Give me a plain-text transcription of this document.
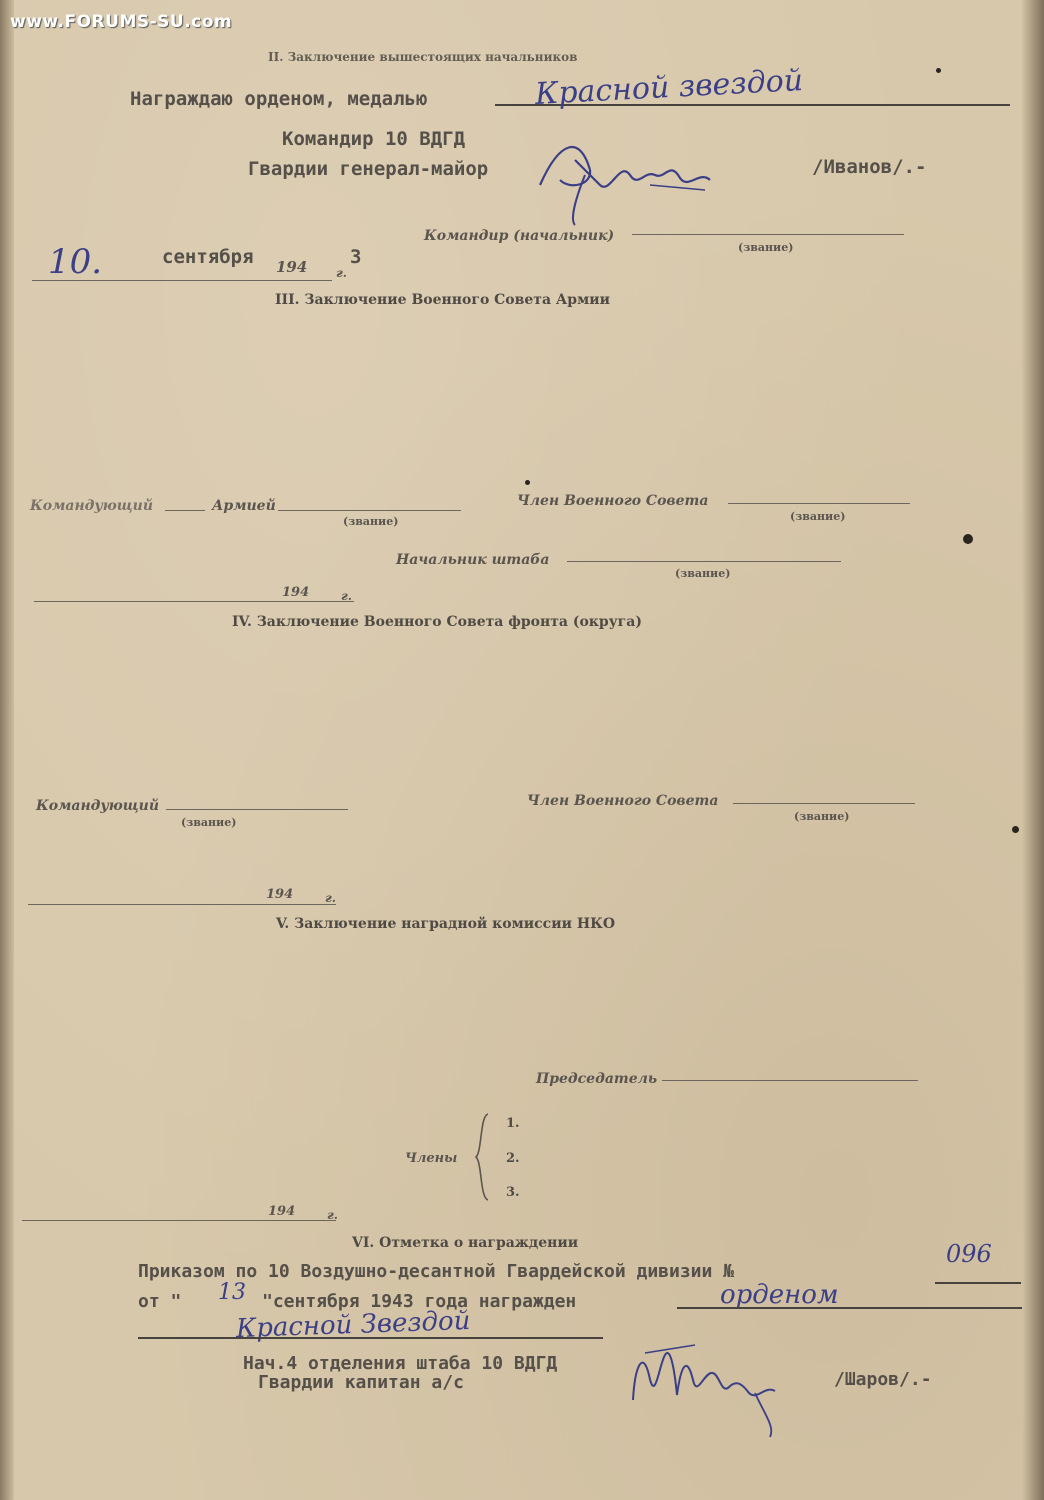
www.FORUMS-SU.com
II. Заключение вышестоящих начальников
Награждаю орденом, медалью	Красной звездой
Командир 10 ВДГД
Гвардии генерал-майор	/Иванов/.-
Командир (начальник)
(звание)
10.	сентября 194 3
г.
III. Заключение Военного Совета Армии
Командующий	Армией
(звание)
Член Военного Совета
(звание)
Начальник штаба
(звание)
194	г.
IV. Заключение Военного Совета фронта (округа)
Командующий
(звание)
Член Военного Совета
(звание)
194	г.
V. Заключение наградной комиссии НКО
Председатель
Члены
1.
2.
3.
194	г.
VI. Отметка о награждении
Приказом по 10 Воздушно-десантной Гвардейской дивизии №
096
от " 13 "сентября 1943 года награжден	орденом
Красной Звездой
Нач.4 отделения штаба 10 ВДГД
Гвардии капитан а/с	/Шаров/.-
